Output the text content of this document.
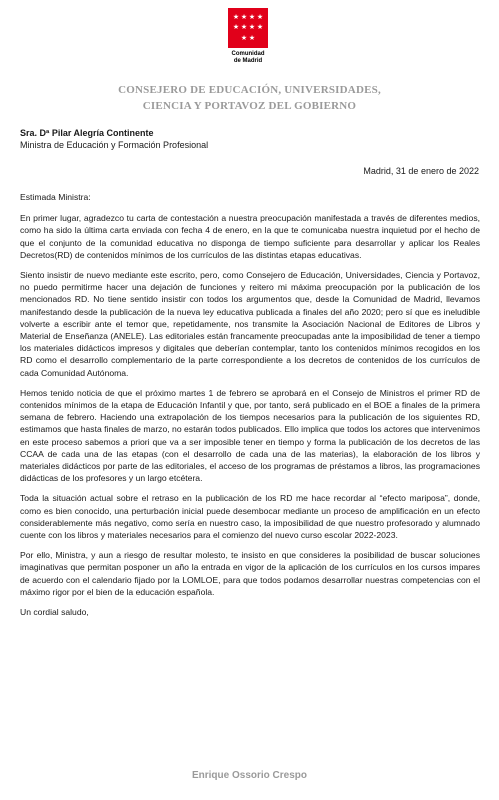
★ ★ ★ ★
★ ★ ★ ★
★ ★
Comunidad
de Madrid
CONSEJERO DE EDUCACIÓN, UNIVERSIDADES,
CIENCIA Y PORTAVOZ DEL GOBIERNO
Sra. Dª Pilar Alegría Continente
Ministra de Educación y Formación Profesional
Madrid, 31 de enero de 2022

Estimada Ministra:

En primer lugar, agradezco tu carta de contestación a nuestra preocupación manifestada a través de diferentes medios, como ha sido la última carta enviada con fecha 4 de enero, en la que te comunicaba nuestra inquietud por el hecho de que el conjunto de la comunidad educativa no disponga de tiempo suficiente para desarrollar y aplicar los Reales Decretos(RD) de contenidos mínimos de los currículos de las distintas etapas educativas.

Siento insistir de nuevo mediante este escrito, pero, como Consejero de Educación, Universidades, Ciencia y Portavoz, no puedo permitirme hacer una dejación de funciones y reitero mi máxima preocupación por la publicación de los mencionados RD. No tiene sentido insistir con todos los argumentos que, desde la Comunidad de Madrid, llevamos manifestando desde la publicación de la nueva ley educativa publicada a finales del año 2020; pero sí que es ineludible volverte a escribir ante el temor que, repetidamente, nos transmite la Asociación Nacional de Editores de Libros y Material de Enseñanza (ANELE). Las editoriales están francamente preocupadas ante la imposibilidad de tener a tiempo los materiales didácticos impresos y digitales que deberían contemplar, tanto los contenidos mínimos recogidos en los RD como el desarrollo complementario de la parte correspondiente a los decretos de contenidos de los currículos de cada Comunidad Autónoma.

Hemos tenido noticia de que el próximo martes 1 de febrero se aprobará en el Consejo de Ministros el primer RD de contenidos mínimos de la etapa de Educación Infantil y que, por tanto, será publicado en el BOE a finales de la primera semana de febrero. Haciendo una extrapolación de los tiempos necesarios para la publicación de los siguientes RD, estimamos que hasta finales de marzo, no estarán todos publicados. Ello implica que todos los actores que intervenimos en este proceso sabemos a priori que va a ser imposible tener en tiempo y forma la publicación de los decretos de las CCAA de cada una de las etapas (con el desarrollo de cada una de las materias), la elaboración de los libros y materiales didácticos por parte de las editoriales, el acceso de los programas de préstamos a libros, las programaciones didácticas de los profesores y un largo etcétera.

Toda la situación actual sobre el retraso en la publicación de los RD me hace recordar al “efecto mariposa”, donde, como es bien conocido, una perturbación inicial puede desembocar mediante un proceso de amplificación en un efecto considerablemente más negativo, como sería en nuestro caso, la imposibilidad de que nuestro profesorado y alumnado cuente con los libros y materiales necesarios para el comienzo del nuevo curso escolar 2022-2023.

Por ello, Ministra, y aun a riesgo de resultar molesto, te insisto en que consideres la posibilidad de buscar soluciones imaginativas que permitan posponer un año la entrada en vigor de la aplicación de los currículos en los cursos impares de acuerdo con el calendario fijado por la LOMLOE, para que todos podamos desarrollar nuestras competencias con el máximo rigor por el bien de la educación española.

Un cordial saludo,

Enrique Ossorio Crespo
